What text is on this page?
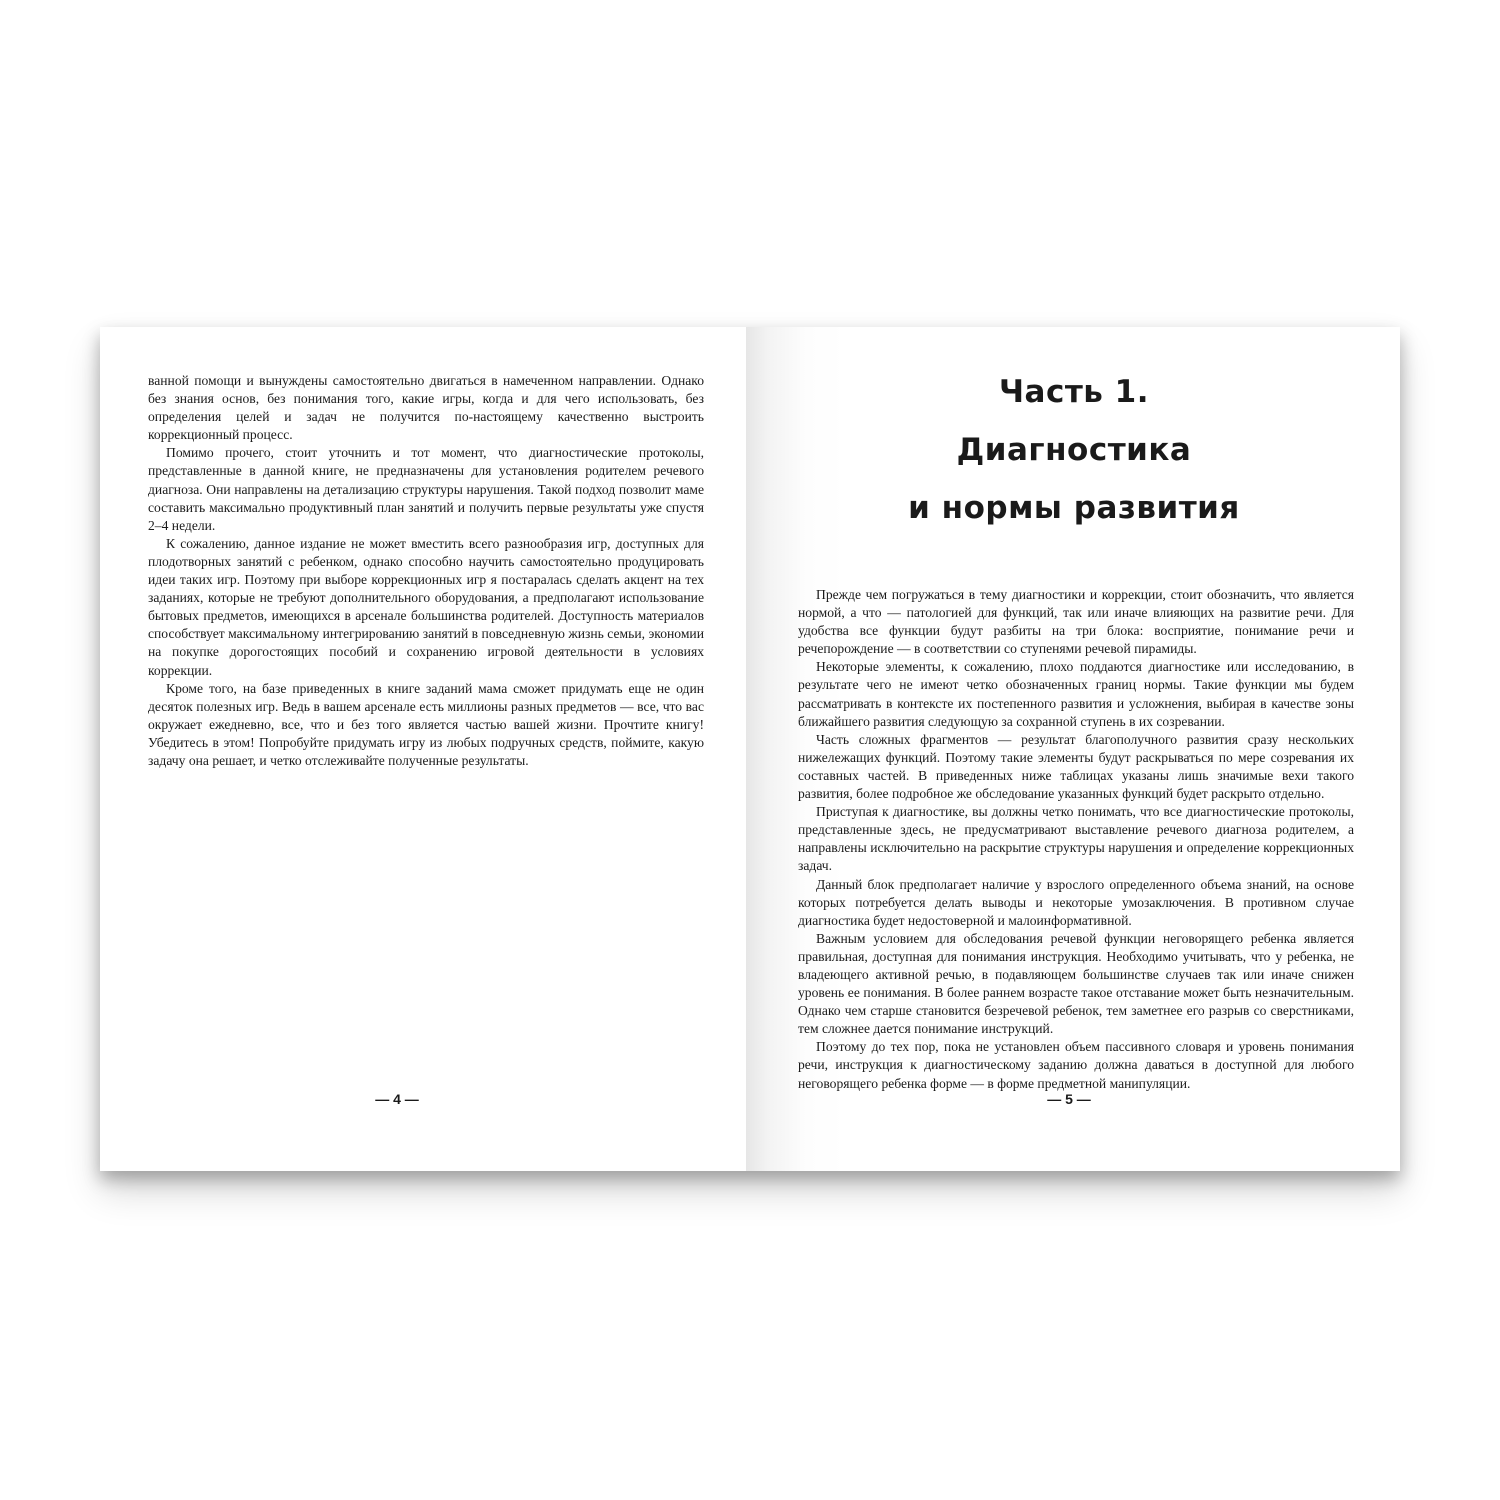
ванной помощи и вынуждены самостоятельно двигаться в намеченном направлении. Однако без знания основ, без понимания того, какие игры, когда и для чего использовать, без определения целей и задач не получится по-настоящему качественно выстроить коррекционный процесс.

Помимо прочего, стоит уточнить и тот момент, что диагностические протоколы, представленные в данной книге, не предназначены для установления родителем речевого диагноза. Они направлены на детализацию структуры нарушения. Такой подход позволит маме составить максимально продуктивный план занятий и получить первые результаты уже спустя 2–4 недели.

К сожалению, данное издание не может вместить всего разнообразия игр, доступных для плодотворных занятий с ребенком, однако способно научить самостоятельно продуцировать идеи таких игр. Поэтому при выборе коррекционных игр я постаралась сделать акцент на тех заданиях, которые не требуют дополнительного оборудования, а предполагают использование бытовых предметов, имеющихся в арсенале большинства родителей. Доступность материалов способствует максимальному интегрированию занятий в повседневную жизнь семьи, экономии на покупке дорогостоящих пособий и сохранению игровой деятельности в условиях коррекции.

Кроме того, на базе приведенных в книге заданий мама сможет придумать еще не один десяток полезных игр. Ведь в вашем арсенале есть миллионы разных предметов — все, что вас окружает ежедневно, все, что и без того является частью вашей жизни. Прочтите книгу! Убедитесь в этом! Попробуйте придумать игру из любых подручных средств, поймите, какую задачу она решает, и четко отслеживайте полученные результаты.

— 4 —
Часть 1.
Диагностика
и нормы развития

Прежде чем погружаться в тему диагностики и коррекции, стоит обозначить, что является нормой, а что — патологией для функций, так или иначе влияющих на развитие речи. Для удобства все функции будут разбиты на три блока: восприятие, понимание речи и речепорождение — в соответствии со ступенями речевой пирамиды.

Некоторые элементы, к сожалению, плохо поддаются диагностике или исследованию, в результате чего не имеют четко обозначенных границ нормы. Такие функции мы будем рассматривать в контексте их постепенного развития и усложнения, выбирая в качестве зоны ближайшего развития следующую за сохранной ступень в их созревании.

Часть сложных фрагментов — результат благополучного развития сразу нескольких нижележащих функций. Поэтому такие элементы будут раскрываться по мере созревания их составных частей. В приведенных ниже таблицах указаны лишь значимые вехи такого развития, более подробное же обследование указанных функций будет раскрыто отдельно.

Приступая к диагностике, вы должны четко понимать, что все диагностические протоколы, представленные здесь, не предусматривают выставление речевого диагноза родителем, а направлены исключительно на раскрытие структуры нарушения и определение коррекционных задач.

Данный блок предполагает наличие у взрослого определенного объема знаний, на основе которых потребуется делать выводы и некоторые умозаключения. В противном случае диагностика будет недостоверной и малоинформативной.

Важным условием для обследования речевой функции неговорящего ребенка является правильная, доступная для понимания инструкция. Необходимо учитывать, что у ребенка, не владеющего активной речью, в подавляющем большинстве случаев так или иначе снижен уровень ее понимания. В более раннем возрасте такое отставание может быть незначительным. Однако чем старше становится безречевой ребенок, тем заметнее его разрыв со сверстниками, тем сложнее дается понимание инструкций.

Поэтому до тех пор, пока не установлен объем пассивного словаря и уровень понимания речи, инструкция к диагностическому заданию должна даваться в доступной для любого неговорящего ребенка форме — в форме предметной манипуляции.

— 5 —
